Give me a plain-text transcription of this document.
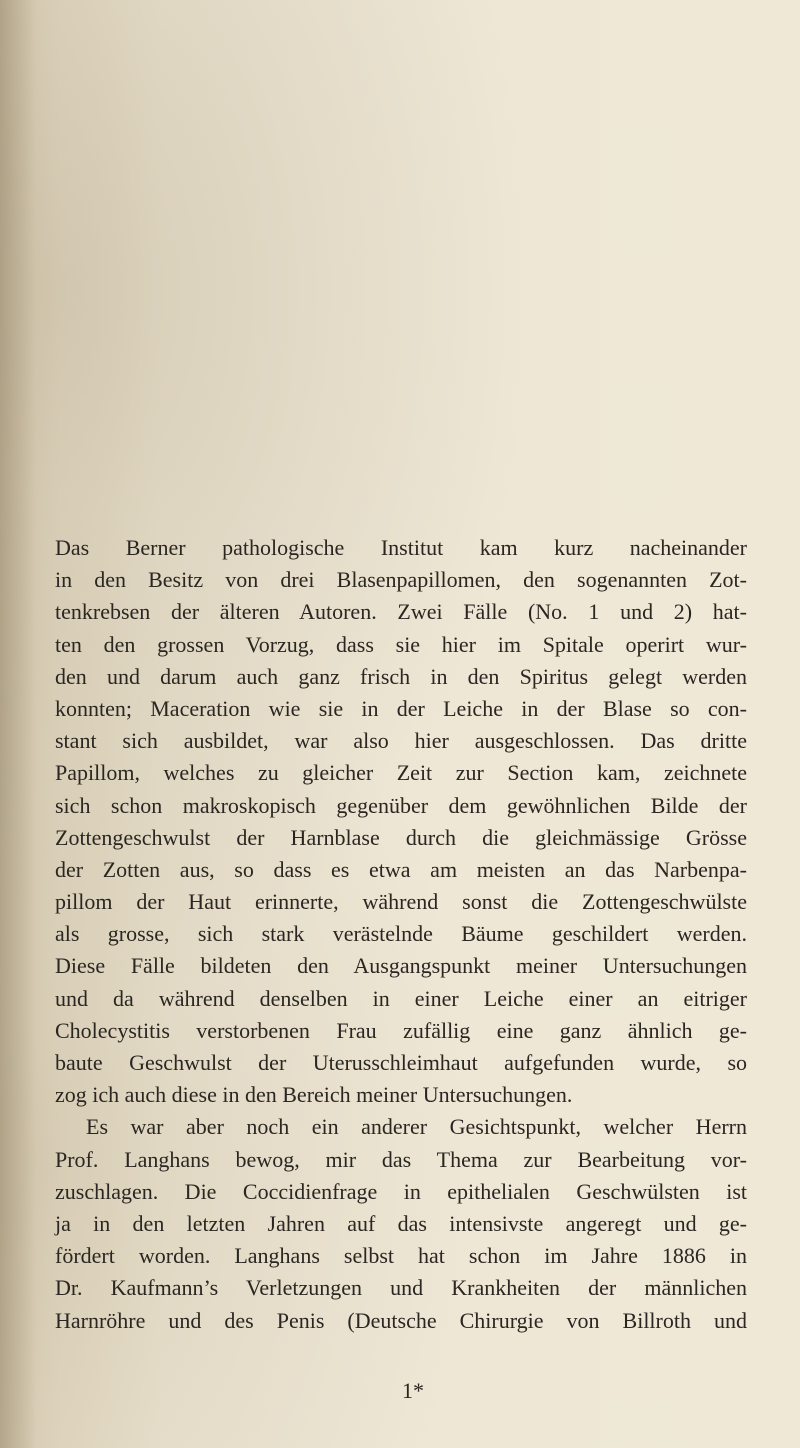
Das Berner pathologische Institut kam kurz nacheinander
in den Besitz von drei Blasenpapillomen, den sogenannten Zot-
tenkrebsen der älteren Autoren. Zwei Fälle (No. 1 und 2) hat-
ten den grossen Vorzug, dass sie hier im Spitale operirt wur-
den und darum auch ganz frisch in den Spiritus gelegt werden
konnten; Maceration wie sie in der Leiche in der Blase so con-
stant sich ausbildet, war also hier ausgeschlossen. Das dritte
Papillom, welches zu gleicher Zeit zur Section kam, zeichnete
sich schon makroskopisch gegenüber dem gewöhnlichen Bilde der
Zottengeschwulst der Harnblase durch die gleichmässige Grösse
der Zotten aus, so dass es etwa am meisten an das Narbenpa-
pillom der Haut erinnerte, während sonst die Zottengeschwülste
als grosse, sich stark verästelnde Bäume geschildert werden.
Diese Fälle bildeten den Ausgangspunkt meiner Untersuchungen
und da während denselben in einer Leiche einer an eitriger
Cholecystitis verstorbenen Frau zufällig eine ganz ähnlich ge-
baute Geschwulst der Uterusschleimhaut aufgefunden wurde, so
zog ich auch diese in den Bereich meiner Untersuchungen.
Es war aber noch ein anderer Gesichtspunkt, welcher Herrn
Prof. Langhans bewog, mir das Thema zur Bearbeitung vor-
zuschlagen. Die Coccidienfrage in epithelialen Geschwülsten ist
ja in den letzten Jahren auf das intensivste angeregt und ge-
fördert worden. Langhans selbst hat schon im Jahre 1886 in
Dr. Kaufmann’s Verletzungen und Krankheiten der männlichen
Harnröhre und des Penis (Deutsche Chirurgie von Billroth und
1*
